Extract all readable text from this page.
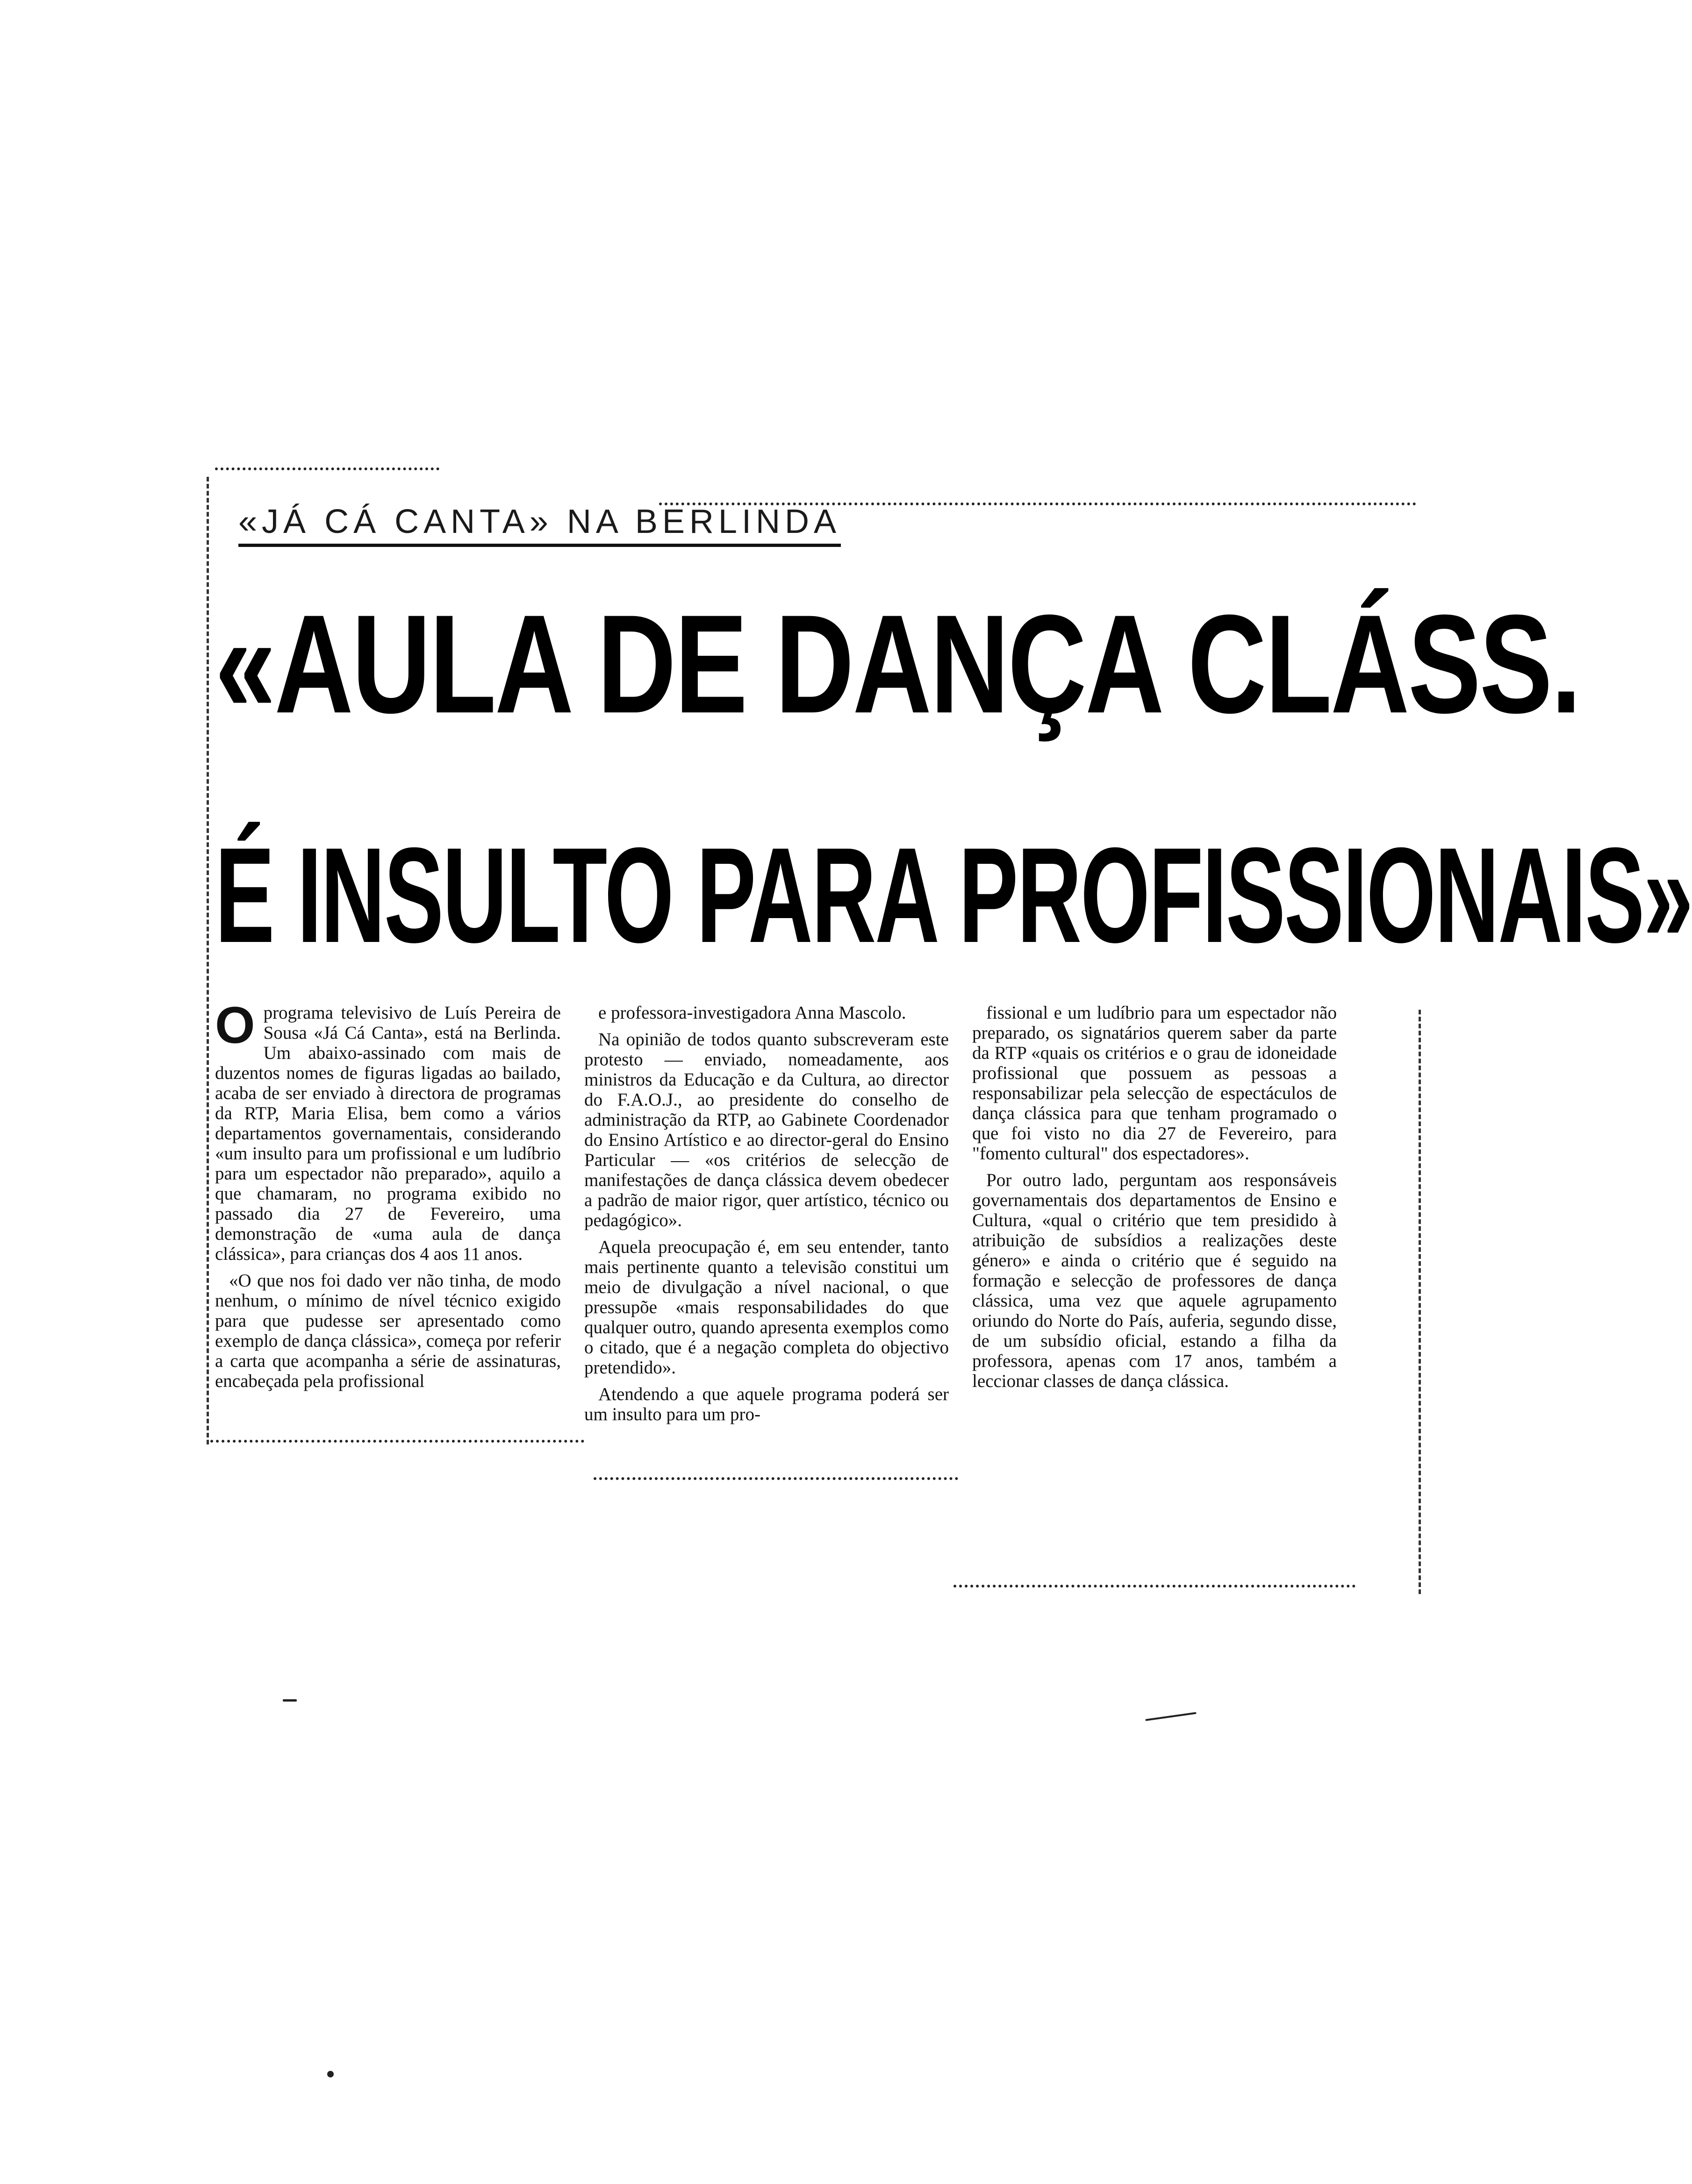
«JÁ CÁ CANTA» NA BERLINDA
«AULA DE DANÇA CLÁSS.
É INSULTO PARA PROFISSIONAIS»

O programa televisivo de Luís Pereira de Sousa «Já Cá Canta», está na Berlinda. Um abaixo-assinado com mais de duzentos nomes de figuras ligadas ao bailado, acaba de ser enviado à directora de programas da RTP, Maria Elisa, bem como a vários departamentos governamentais, considerando «um insulto para um profissional e um ludíbrio para um espectador não preparado», aquilo a que chamaram, no programa exibido no passado dia 27 de Fevereiro, uma demonstração de «uma aula de dança clássica», para crianças dos 4 aos 11 anos.

«O que nos foi dado ver não tinha, de modo nenhum, o mínimo de nível técnico exigido para que pudesse ser apresentado como exemplo de dança clássica», começa por referir a carta que acompanha a série de assinaturas, encabeçada pela profissional

e professora-investigadora Anna Mascolo.

Na opinião de todos quanto subscreveram este protesto — enviado, nomeadamente, aos ministros da Educação e da Cultura, ao director do F.A.O.J., ao presidente do conselho de administração da RTP, ao Gabinete Coordenador do Ensino Artístico e ao director-geral do Ensino Particular — «os critérios de selecção de manifestações de dança clássica devem obedecer a padrão de maior rigor, quer artístico, técnico ou pedagógico».

Aquela preocupação é, em seu entender, tanto mais pertinente quanto a televisão constitui um meio de divulgação a nível nacional, o que pressupõe «mais responsabilidades do que qualquer outro, quando apresenta exemplos como o citado, que é a negação completa do objectivo pretendido».

Atendendo a que aquele programa poderá ser um insulto para um pro-

fissional e um ludíbrio para um espectador não preparado, os signatários querem saber da parte da RTP «quais os critérios e o grau de idoneidade profissional que possuem as pessoas a responsabilizar pela selecção de espectáculos de dança clássica para que tenham programado o que foi visto no dia 27 de Fevereiro, para "fomento cultural" dos espectadores».

Por outro lado, perguntam aos responsáveis governamentais dos departamentos de Ensino e Cultura, «qual o critério que tem presidido à atribuição de subsídios a realizações deste género» e ainda o critério que é seguido na formação e selecção de professores de dança clássica, uma vez que aquele agrupamento oriundo do Norte do País, auferia, segundo disse, de um subsídio oficial, estando a filha da professora, apenas com 17 anos, também a leccionar classes de dança clássica.
